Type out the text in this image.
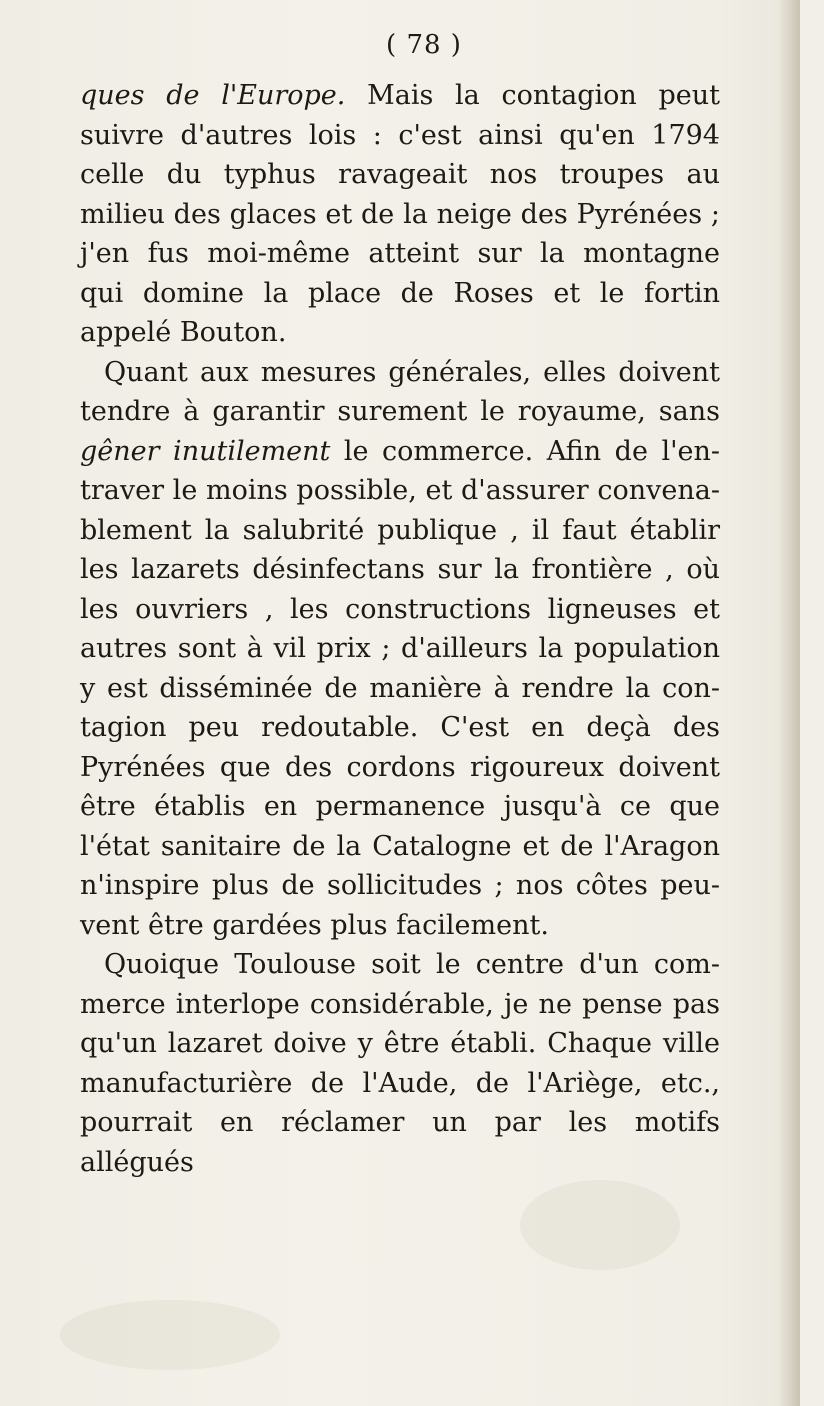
( 78 )
ques de l'Europe. Mais la contagion peut
suivre d'autres lois : c'est ainsi qu'en 1794
celle du typhus ravageait nos troupes au
milieu des glaces et de la neige des Pyrénées ;
j'en fus moi-même atteint sur la montagne
qui domine la place de Roses et le fortin
appelé Bouton.
Quant aux mesures générales, elles doivent
tendre à garantir surement le royaume, sans
gêner inutilement le commerce. Afin de l'en-
traver le moins possible, et d'assurer convena-
blement la salubrité publique , il faut établir
les lazarets désinfectans sur la frontière , où
les ouvriers , les constructions ligneuses et
autres sont à vil prix ; d'ailleurs la population
y est disséminée de manière à rendre la con-
tagion peu redoutable. C'est en deçà des
Pyrénées que des cordons rigoureux doivent
être établis en permanence jusqu'à ce que
l'état sanitaire de la Catalogne et de l'Aragon
n'inspire plus de sollicitudes ; nos côtes peu-
vent être gardées plus facilement.
Quoique Toulouse soit le centre d'un com-
merce interlope considérable, je ne pense pas
qu'un lazaret doive y être établi. Chaque ville
manufacturière de l'Aude, de l'Ariège, etc.,
pourrait en réclamer un par les motifs allégués
